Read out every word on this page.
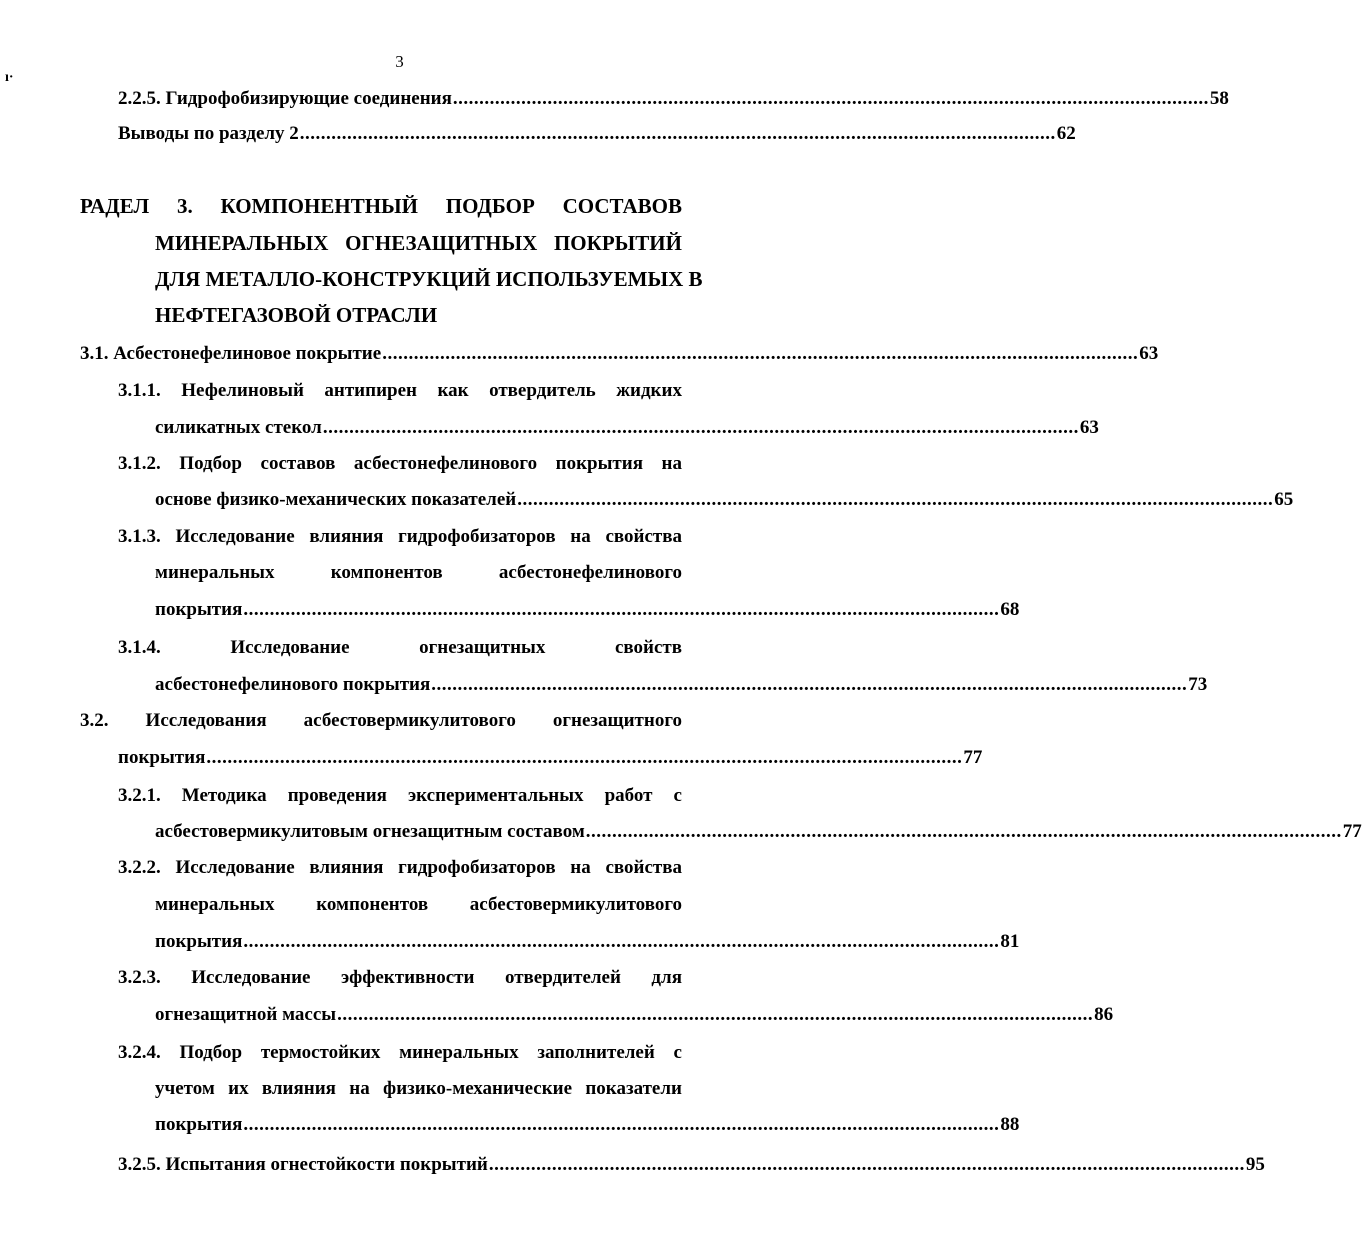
3
ı·
2.2.5. Гидрофобизирующие соединения ................................................................................................................................................ 58
Выводы по разделу 2 ................................................................................................................................................ 62
РАДЕЛ 3. КОМПОНЕНТНЫЙ ПОДБОР СОСТАВОВ
МИНЕРАЛЬНЫХ ОГНЕЗАЩИТНЫХ ПОКРЫТИЙ
ДЛЯ МЕТАЛЛО-КОНСТРУКЦИЙ ИСПОЛЬЗУЕМЫХ В
НЕФТЕГАЗОВОЙ ОТРАСЛИ
3.1. Асбестонефелиновое покрытие ................................................................................................................................................ 63
3.1.1. Нефелиновый антипирен как отвердитель жидких
силикатных стекол ................................................................................................................................................ 63
3.1.2. Подбор составов асбестонефелинового покрытия на
основе физико-механических показателей ................................................................................................................................................ 65
3.1.3. Исследование влияния гидрофобизаторов на свойства
минеральных	компонентов	асбестонефелинового
покрытия ................................................................................................................................................ 68
3.1.4.	Исследование	огнезащитных	свойств
асбестонефелинового покрытия ................................................................................................................................................ 73
3.2. Исследования асбестовермикулитового огнезащитного
покрытия ................................................................................................................................................ 77
3.2.1. Методика проведения экспериментальных работ с
асбестовермикулитовым огнезащитным составом ................................................................................................................................................ 77
3.2.2. Исследование влияния гидрофобизаторов на свойства
минеральных компонентов асбестовермикулитового
покрытия ................................................................................................................................................ 81
3.2.3. Исследование эффективности отвердителей для
огнезащитной массы ................................................................................................................................................ 86
3.2.4. Подбор термостойких минеральных заполнителей с
учетом их влияния на физико-механические показатели
покрытия ................................................................................................................................................ 88
3.2.5. Испытания огнестойкости покрытий ................................................................................................................................................ 95
